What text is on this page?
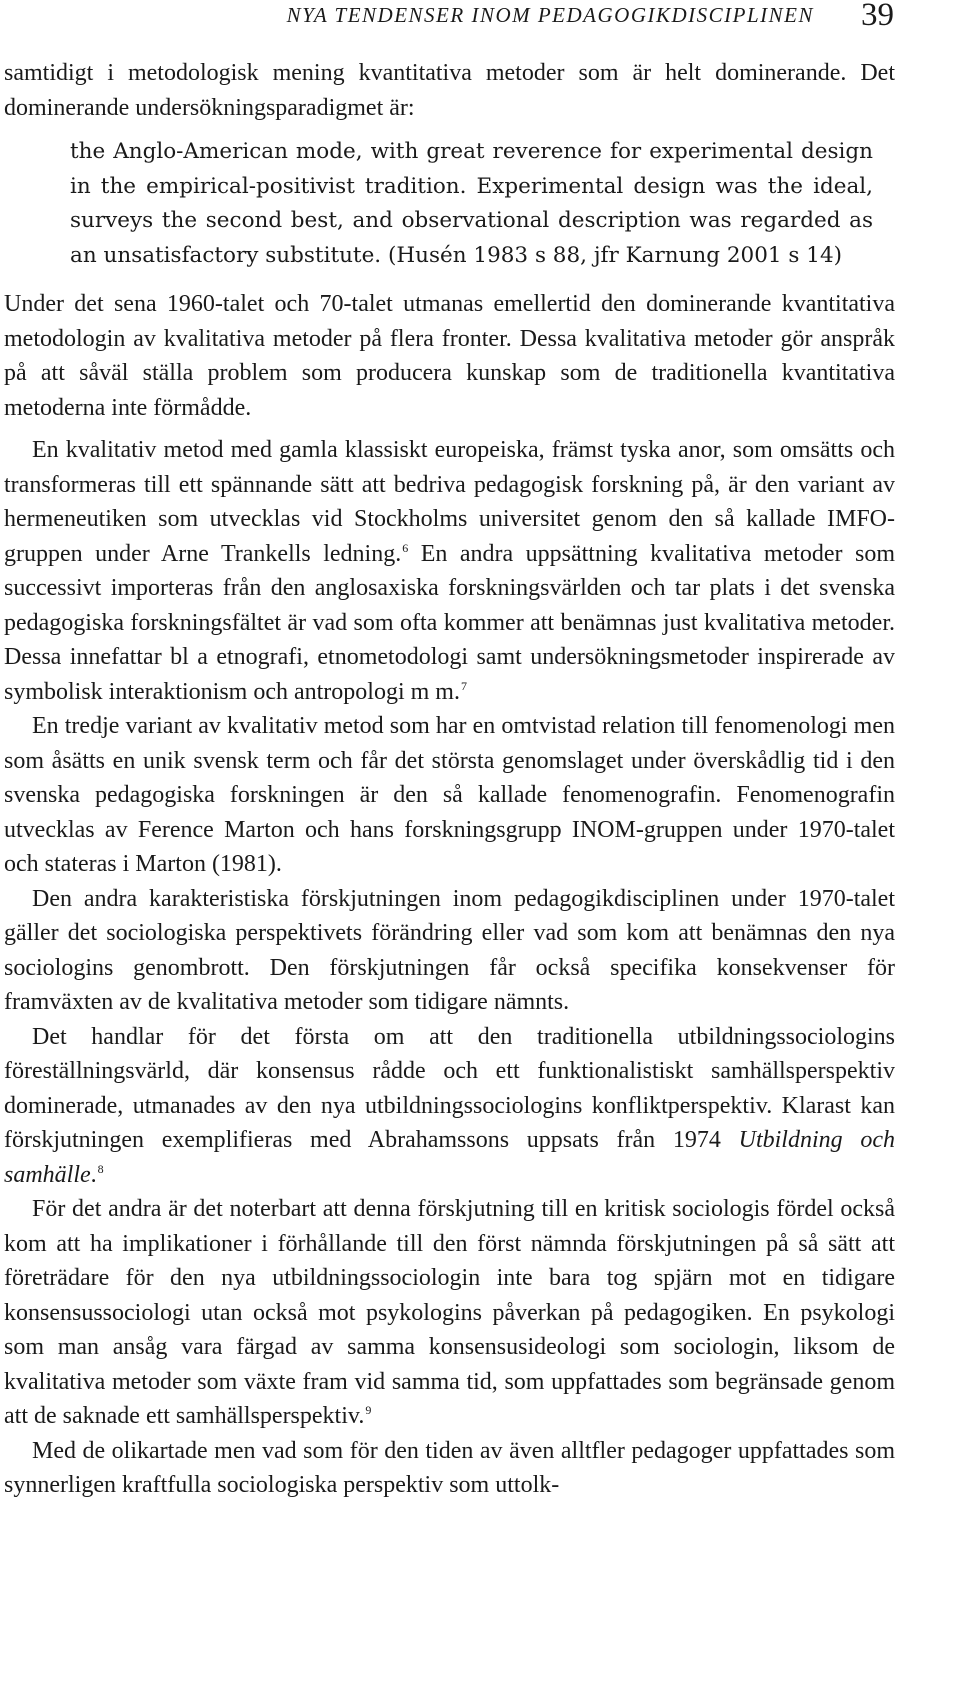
NYA TENDENSER INOM PEDAGOGIKDISCIPLINEN 39

samtidigt i metodologisk mening kvantitativa metoder som är helt dominerande. Det dominerande undersökningsparadigmet är:

the Anglo-American mode, with great reverence for experimental design in the empirical-positivist tradition. Experimental design was the ideal, surveys the second best, and observational description was regarded as an unsatisfactory substitute. (Husén 1983 s 88, jfr Karnung 2001 s 14)

Under det sena 1960-talet och 70-talet utmanas emellertid den dominerande kvantitativa metodologin av kvalitativa metoder på flera fronter. Dessa kvalitativa metoder gör anspråk på att såväl ställa problem som producera kunskap som de traditionella kvantitativa metoderna inte förmådde.

En kvalitativ metod med gamla klassiskt europeiska, främst tyska anor, som omsätts och transformeras till ett spännande sätt att bedriva pedagogisk forskning på, är den variant av hermeneutiken som utvecklas vid Stockholms universitet genom den så kallade IMFO-gruppen under Arne Trankells ledning.$^6$ En andra uppsättning kvalitativa metoder som successivt importeras från den anglosaxiska forskningsvärlden och tar plats i det svenska pedagogiska forskningsfältet är vad som ofta kommer att benämnas just kvalitativa metoder. Dessa innefattar bl a etnografi, etnometodologi samt undersökningsmetoder inspirerade av symbolisk interaktionism och antropologi m m.$^7$

En tredje variant av kvalitativ metod som har en omtvistad relation till fenomenologi men som åsätts en unik svensk term och får det största genomslaget under överskådlig tid i den svenska pedagogiska forskningen är den så kallade fenomenografin. Fenomenografin utvecklas av Ference Marton och hans forskningsgrupp INOM-gruppen under 1970-talet och stateras i Marton (1981).

Den andra karakteristiska förskjutningen inom pedagogikdisciplinen under 1970-talet gäller det sociologiska perspektivets förändring eller vad som kom att benämnas den nya sociologins genombrott. Den förskjutningen får också specifika konsekvenser för framväxten av de kvalitativa metoder som tidigare nämnts.

Det handlar för det första om att den traditionella utbildningssociologins föreställningsvärld, där konsensus rådde och ett funktionalistiskt samhällsperspektiv dominerade, utmanades av den nya utbildningssociologins konfliktperspektiv. Klarast kan förskjutningen exemplifieras med Abrahamssons uppsats från 1974 Utbildning och samhälle.$^8$

För det andra är det noterbart att denna förskjutning till en kritisk sociologis fördel också kom att ha implikationer i förhållande till den först nämnda förskjutningen på så sätt att företrädare för den nya utbildningssociologin inte bara tog spjärn mot en tidigare konsensussociologi utan också mot psykologins påverkan på pedagogiken. En psykologi som man ansåg vara färgad av samma konsensusideologi som sociologin, liksom de kvalitativa metoder som växte fram vid samma tid, som uppfattades som begränsade genom att de saknade ett samhällsperspektiv.$^9$

Med de olikartade men vad som för den tiden av även alltfler pedagoger uppfattades som synnerligen kraftfulla sociologiska perspektiv som uttolk-
